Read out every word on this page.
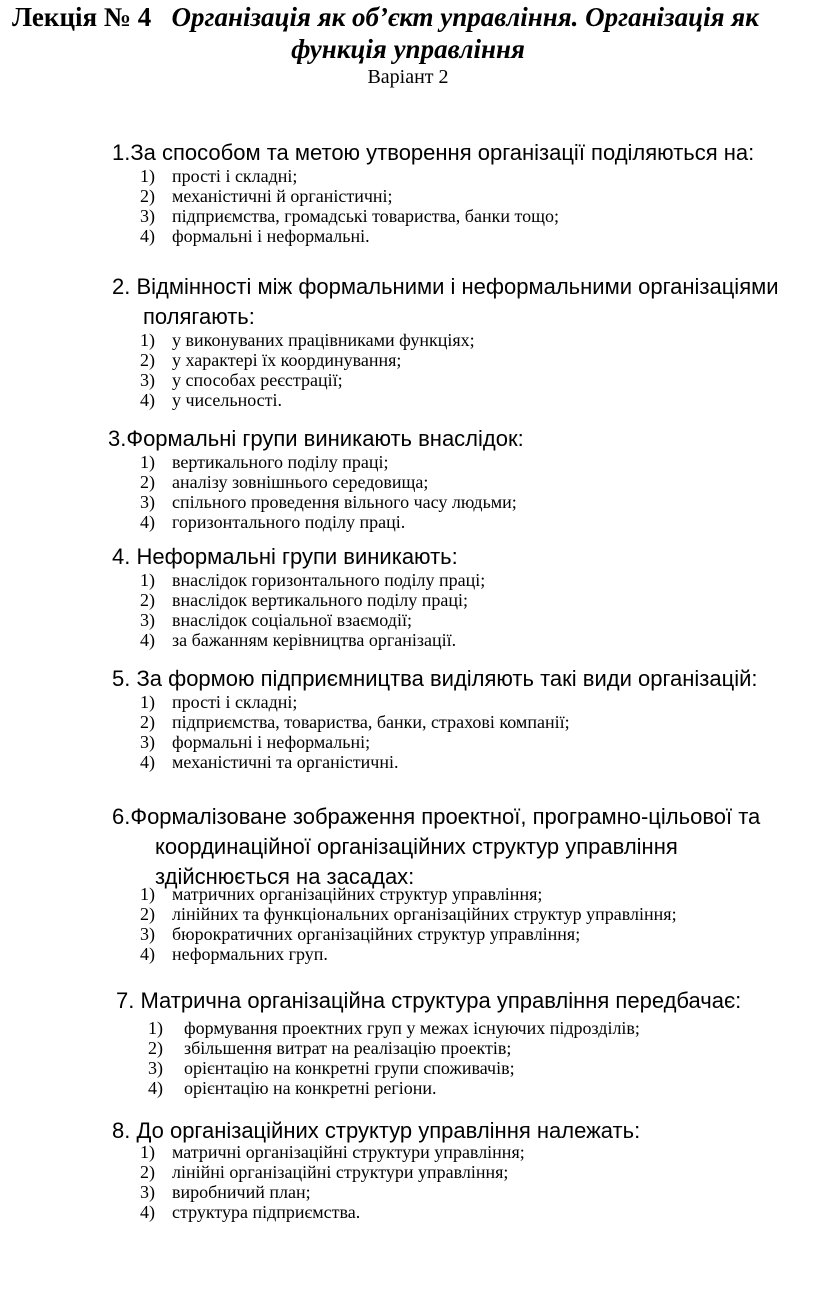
Лекція № 4 Організація як об’єкт управління. Організація як
функція управління
Варіант 2
1.За способом та метою утворення організації поділяються на:
1) прості і складні;
2) механістичні й органістичні;
3) підприємства, громадські товариства, банки тощо;
4) формальні і неформальні.
2. Відмінності між формальними і неформальними організаціями
полягають:
1) у виконуваних працівниками функціях;
2) у характері їх координування;
3) у способах реєстрації;
4) у чисельності.
3.Формальні групи виникають внаслідок:
1) вертикального поділу праці;
2) аналізу зовнішнього середовища;
3) спільного проведення вільного часу людьми;
4) горизонтального поділу праці.
4. Неформальні групи виникають:
1) внаслідок горизонтального поділу праці;
2) внаслідок вертикального поділу праці;
3) внаслідок соціальної взаємодії;
4) за бажанням керівництва організації.
5. За формою підприємництва виділяють такі види організацій:
1) прості і складні;
2) підприємства, товариства, банки, страхові компанії;
3) формальні і неформальні;
4) механістичні та органістичні.
6.Формалізоване зображення проектної, програмно-цільової та
координаційної організаційних структур управління
здійснюється на засадах:
1) матричних організаційних структур управління;
2) лінійних та функціональних організаційних структур управління;
3) бюрократичних організаційних структур управління;
4) неформальних груп.
7. Матрична організаційна структура управління передбачає:
1) формування проектних груп у межах існуючих підрозділів;
2) збільшення витрат на реалізацію проектів;
3) орієнтацію на конкретні групи споживачів;
4) орієнтацію на конкретні регіони.
8. До організаційних структур управління належать:
1) матричні організаційні структури управління;
2) лінійні організаційні структури управління;
3) виробничий план;
4) структура підприємства.
